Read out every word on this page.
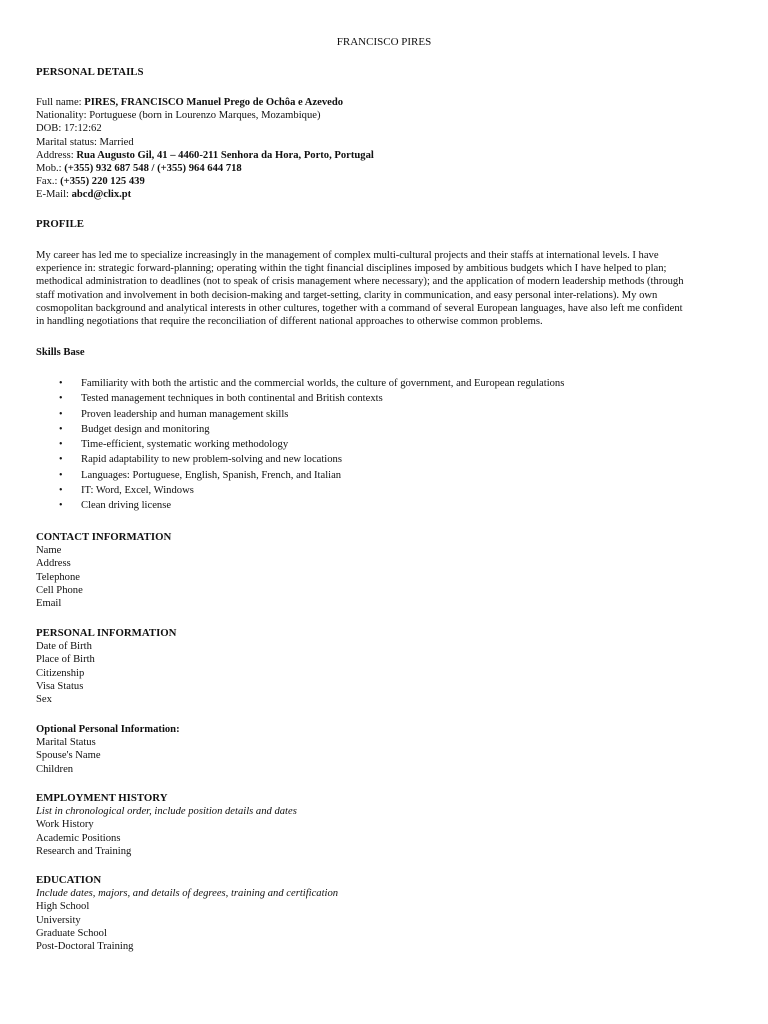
FRANCISCO PIRES
PERSONAL DETAILS
Full name: PIRES, FRANCISCO Manuel Prego de Ochôa e Azevedo
Nationality: Portuguese (born in Lourenzo Marques, Mozambique)
DOB: 17:12:62
Marital status: Married
Address: Rua Augusto Gil, 41 – 4460-211 Senhora da Hora, Porto, Portugal
Mob.: (+355) 932 687 548 / (+355) 964 644 718
Fax.: (+355) 220 125 439
E-Mail: abcd@clix.pt
PROFILE
My career has led me to specialize increasingly in the management of complex multi-cultural projects and their staffs at international levels. I have
experience in: strategic forward-planning; operating within the tight financial disciplines imposed by ambitious budgets which I have helped to plan;
methodical administration to deadlines (not to speak of crisis management where necessary); and the application of modern leadership methods (through
staff motivation and involvement in both decision-making and target-setting, clarity in communication, and easy personal inter-relations). My own
cosmopolitan background and analytical interests in other cultures, together with a command of several European languages, have also left me confident
in handling negotiations that require the reconciliation of different national approaches to otherwise common problems.
Skills Base
• Familiarity with both the artistic and the commercial worlds, the culture of government, and European regulations
• Tested management techniques in both continental and British contexts
• Proven leadership and human management skills
• Budget design and monitoring
• Time-efficient, systematic working methodology
• Rapid adaptability to new problem-solving and new locations
• Languages: Portuguese, English, Spanish, French, and Italian
• IT: Word, Excel, Windows
• Clean driving license
CONTACT INFORMATION
Name
Address
Telephone
Cell Phone
Email
PERSONAL INFORMATION
Date of Birth
Place of Birth
Citizenship
Visa Status
Sex
Optional Personal Information:
Marital Status
Spouse's Name
Children
EMPLOYMENT HISTORY
List in chronological order, include position details and dates
Work History
Academic Positions
Research and Training
EDUCATION
Include dates, majors, and details of degrees, training and certification
High School
University
Graduate School
Post-Doctoral Training
